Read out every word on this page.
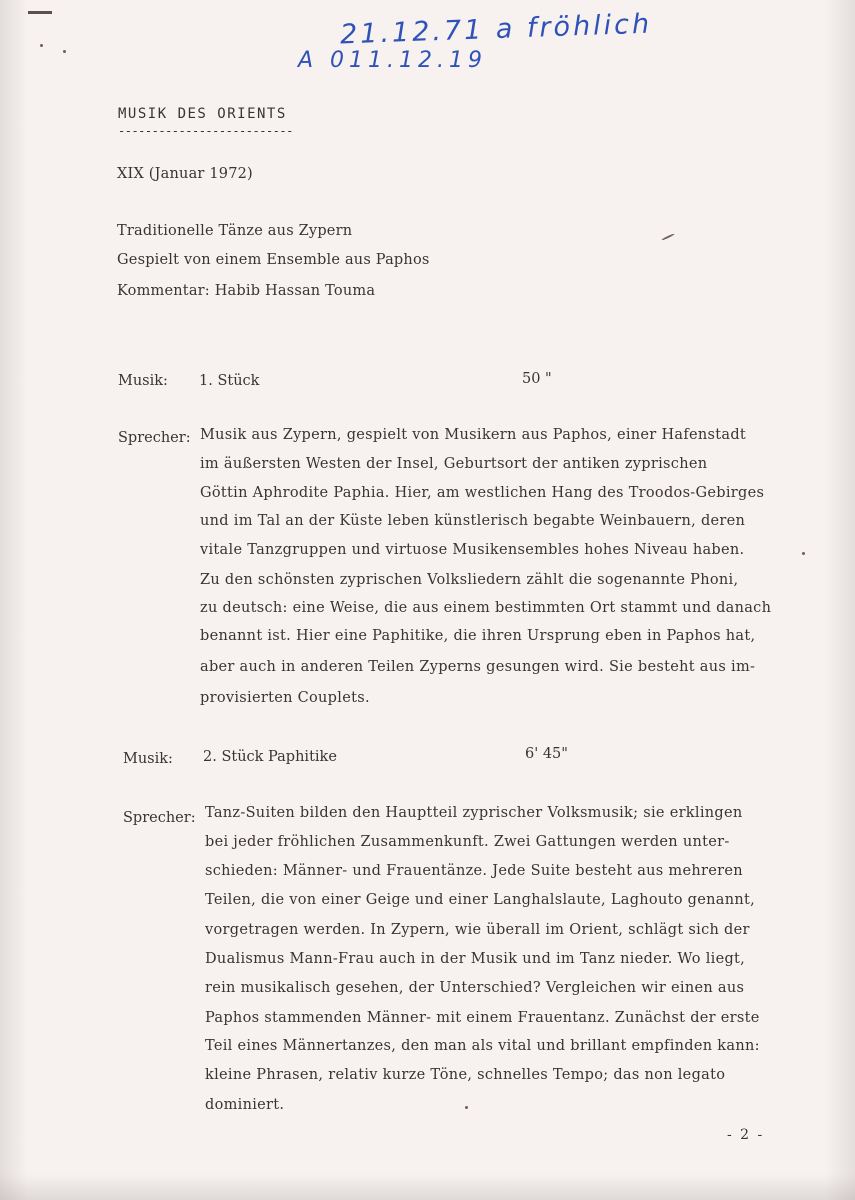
21.12.71 a fröhlich
A 011.12.19
MUSIK DES ORIENTS
--------------------------
XIX (Januar 1972)
Traditionelle Tänze aus Zypern
Gespielt von einem Ensemble aus Paphos
Kommentar: Habib Hassan Touma
Musik: 1. Stück	50 "
Sprecher: Musik aus Zypern, gespielt von Musikern aus Paphos, einer Hafenstadt
im äußersten Westen der Insel, Geburtsort der antiken zyprischen
Göttin Aphrodite Paphia. Hier, am westlichen Hang des Troodos-Gebirges
und im Tal an der Küste leben künstlerisch begabte Weinbauern, deren
vitale Tanzgruppen und virtuose Musikensembles hohes Niveau haben.
Zu den schönsten zyprischen Volksliedern zählt die sogenannte Phoni,
zu deutsch: eine Weise, die aus einem bestimmten Ort stammt und danach
benannt ist. Hier eine Paphitike, die ihren Ursprung eben in Paphos hat,
aber auch in anderen Teilen Zyperns gesungen wird. Sie besteht aus im-
provisierten Couplets.
Musik: 2. Stück Paphitike	6' 45"
Sprecher: Tanz-Suiten bilden den Hauptteil zyprischer Volksmusik; sie erklingen
bei jeder fröhlichen Zusammenkunft. Zwei Gattungen werden unter-
schieden: Männer- und Frauentänze. Jede Suite besteht aus mehreren
Teilen, die von einer Geige und einer Langhalslaute, Laghouto genannt,
vorgetragen werden. In Zypern, wie überall im Orient, schlägt sich der
Dualismus Mann-Frau auch in der Musik und im Tanz nieder. Wo liegt,
rein musikalisch gesehen, der Unterschied? Vergleichen wir einen aus
Paphos stammenden Männer- mit einem Frauentanz. Zunächst der erste
Teil eines Männertanzes, den man als vital und brillant empfinden kann:
kleine Phrasen, relativ kurze Töne, schnelles Tempo; das non legato
dominiert.
- 2 -
